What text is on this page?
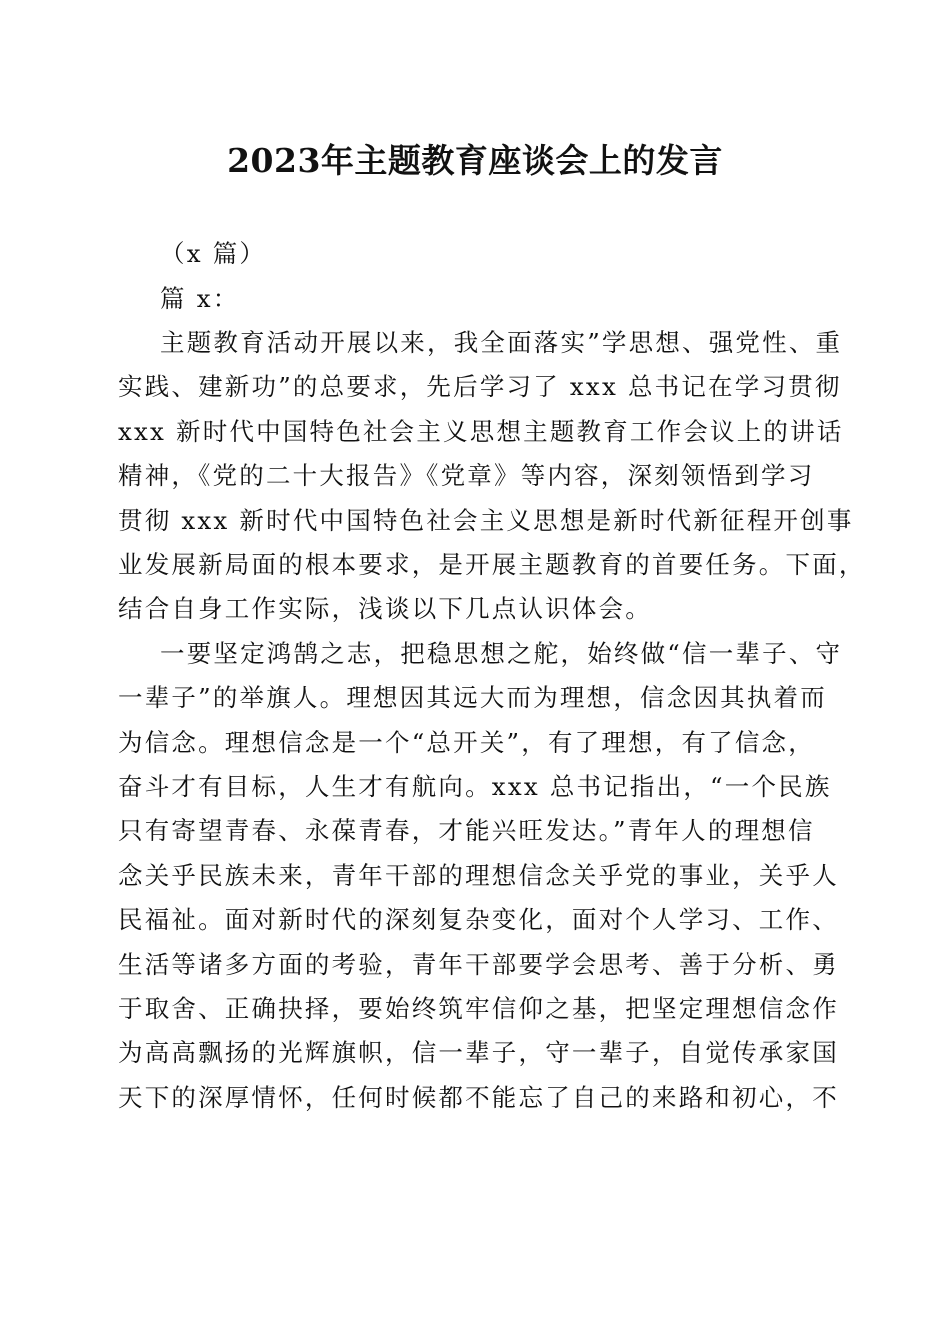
2023年主题教育座谈会上的发言
（x 篇）
篇 x：
主题教育活动开展以来，我全面落实”学思想、强党性、重
实践、建新功”的总要求，先后学习了 xxx 总书记在学习贯彻
xxx 新时代中国特色社会主义思想主题教育工作会议上的讲话
精神，《党的二十大报告》《党章》等内容，深刻领悟到学习
贯彻 xxx 新时代中国特色社会主义思想是新时代新征程开创事
业发展新局面的根本要求，是开展主题教育的首要任务。下面，
结合自身工作实际，浅谈以下几点认识体会。
一要坚定鸿鹄之志，把稳思想之舵，始终做“信一辈子、守
一辈子”的举旗人。理想因其远大而为理想，信念因其执着而
为信念。理想信念是一个“总开关”，有了理想，有了信念，
奋斗才有目标，人生才有航向。xxx 总书记指出，“一个民族
只有寄望青春、永葆青春，才能兴旺发达。”青年人的理想信
念关乎民族未来，青年干部的理想信念关乎党的事业，关乎人
民福祉。面对新时代的深刻复杂变化，面对个人学习、工作、
生活等诸多方面的考验，青年干部要学会思考、善于分析、勇
于取舍、正确抉择，要始终筑牢信仰之基，把坚定理想信念作
为高高飘扬的光辉旗帜，信一辈子，守一辈子，自觉传承家国
天下的深厚情怀，任何时候都不能忘了自己的来路和初心，不
